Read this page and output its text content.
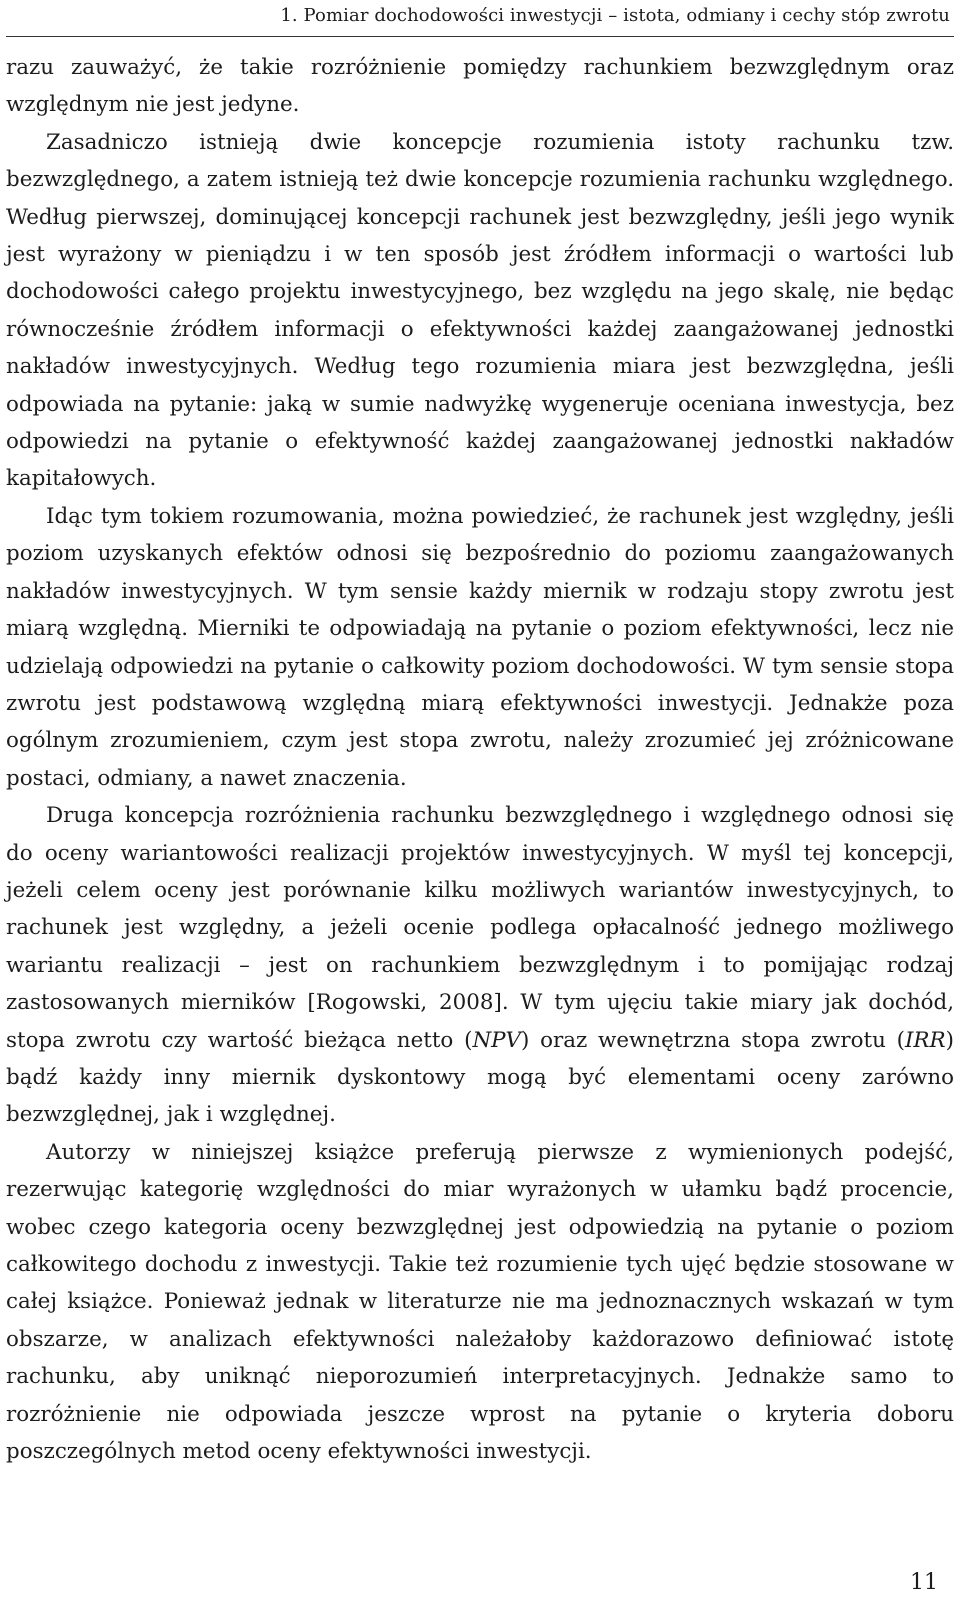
1. Pomiar dochodowości inwestycji – istota, odmiany i cechy stóp zwrotu

razu zauważyć, że takie rozróżnienie pomiędzy rachunkiem bezwzględnym oraz względnym nie jest jedyne.

Zasadniczo istnieją dwie koncepcje rozumienia istoty rachunku tzw. bezwzględnego, a zatem istnieją też dwie koncepcje rozumienia rachunku względnego. Według pierwszej, dominującej koncepcji rachunek jest bezwzględny, jeśli jego wynik jest wyrażony w pieniądzu i w ten sposób jest źródłem informacji o wartości lub dochodowości całego projektu inwestycyjnego, bez względu na jego skalę, nie będąc równocześnie źródłem informacji o efektywności każdej zaangażowanej jednostki nakładów inwestycyjnych. Według tego rozumienia miara jest bezwzględna, jeśli odpowiada na pytanie: jaką w sumie nadwyżkę wygeneruje oceniana inwestycja, bez odpowiedzi na pytanie o efektywność każdej zaangażowanej jednostki nakładów kapitałowych.

Idąc tym tokiem rozumowania, można powiedzieć, że rachunek jest względny, jeśli poziom uzyskanych efektów odnosi się bezpośrednio do poziomu zaangażowanych nakładów inwestycyjnych. W tym sensie każdy miernik w rodzaju stopy zwrotu jest miarą względną. Mierniki te odpowiadają na pytanie o poziom efektywności, lecz nie udzielają odpowiedzi na pytanie o całkowity poziom dochodowości. W tym sensie stopa zwrotu jest podstawową względną miarą efektywności inwestycji. Jednakże poza ogólnym zrozumieniem, czym jest stopa zwrotu, należy zrozumieć jej zróżnicowane postaci, odmiany, a nawet znaczenia.

Druga koncepcja rozróżnienia rachunku bezwzględnego i względnego odnosi się do oceny wariantowości realizacji projektów inwestycyjnych. W myśl tej koncepcji, jeżeli celem oceny jest porównanie kilku możliwych wariantów inwestycyjnych, to rachunek jest względny, a jeżeli ocenie podlega opłacalność jednego możliwego wariantu realizacji – jest on rachunkiem bezwzględnym i to pomijając rodzaj zastosowanych mierników [Rogowski, 2008]. W tym ujęciu takie miary jak dochód, stopa zwrotu czy wartość bieżąca netto (NPV) oraz wewnętrzna stopa zwrotu (IRR) bądź każdy inny miernik dyskontowy mogą być elementami oceny zarówno bezwzględnej, jak i względnej.

Autorzy w niniejszej książce preferują pierwsze z wymienionych podejść, rezerwując kategorię względności do miar wyrażonych w ułamku bądź procencie, wobec czego kategoria oceny bezwzględnej jest odpowiedzią na pytanie o poziom całkowitego dochodu z inwestycji. Takie też rozumienie tych ujęć będzie stosowane w całej książce. Ponieważ jednak w literaturze nie ma jednoznacznych wskazań w tym obszarze, w analizach efektywności należałoby każdorazowo definiować istotę rachunku, aby uniknąć nieporozumień interpretacyjnych. Jednakże samo to rozróżnienie nie odpowiada jeszcze wprost na pytanie o kryteria doboru poszczególnych metod oceny efektywności inwestycji.

11
